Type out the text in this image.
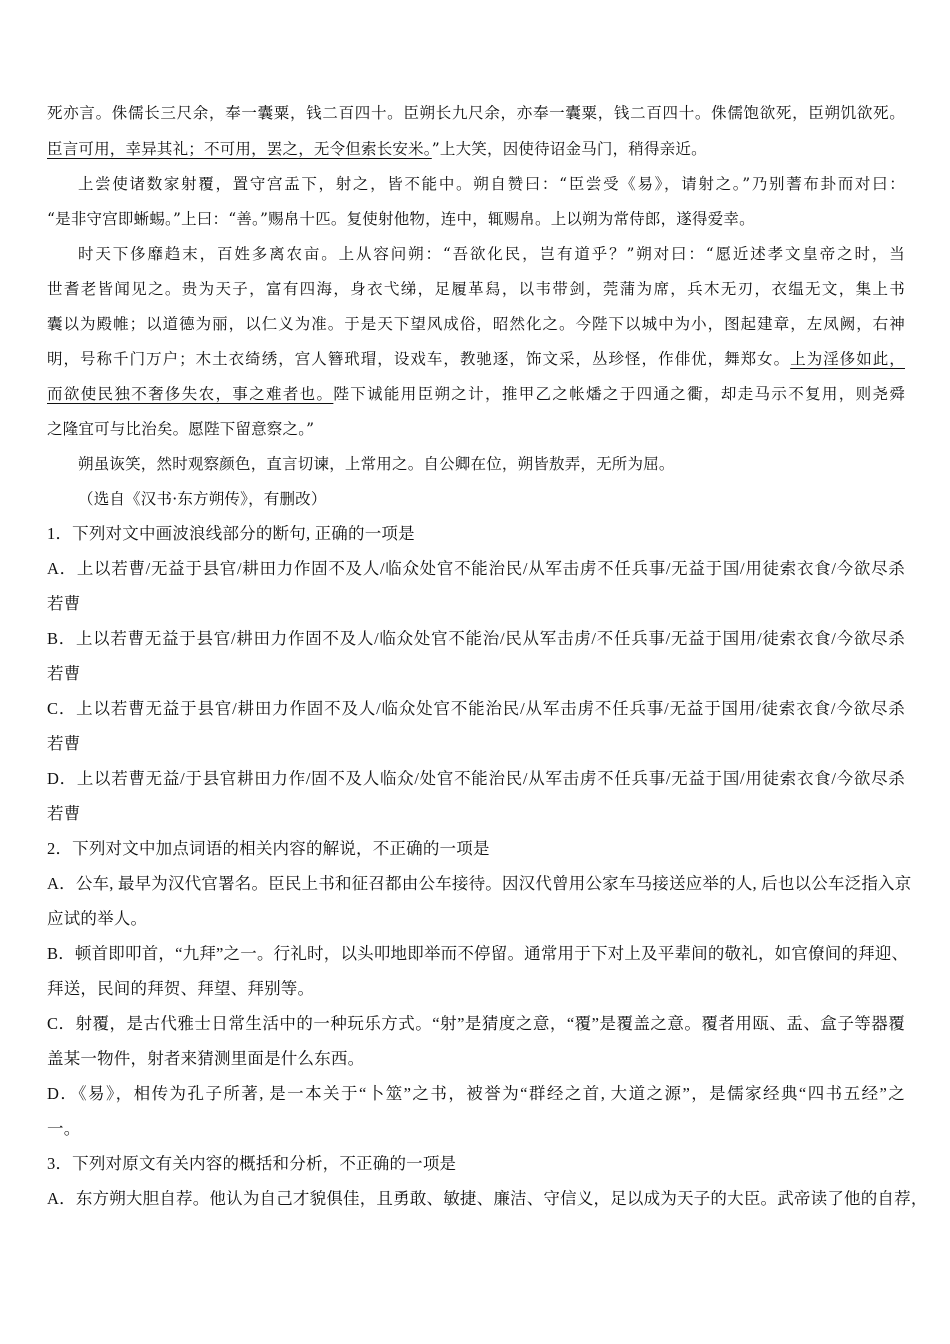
死亦言。侏儒长三尺余，奉一囊粟，钱二百四十。臣朔长九尺余，亦奉一囊粟，钱二百四十。侏儒饱欲死，臣朔饥欲死。
臣言可用，幸异其礼；不可用，罢之，无令但索长安米。”上大笑，因使待诏金马门，稍得亲近。
上尝使诸数家射覆，置守宫盂下，射之，皆不能中。朔自赞曰：“臣尝受《易》，请射之。”乃别蓍布卦而对曰：
“是非守宫即蜥蜴。”上曰：“善。”赐帛十匹。复使射他物，连中，辄赐帛。上以朔为常侍郎，遂得爱幸。
时天下侈靡趋末，百姓多离农亩。上从容问朔：“吾欲化民，岂有道乎？”朔对曰：“愿近述孝文皇帝之时，当
世耆老皆闻见之。贵为天子，富有四海，身衣弋绨，足履革舄，以韦带剑，莞蒲为席，兵木无刃，衣缊无文，集上书
囊以为殿帷；以道德为丽，以仁义为准。于是天下望风成俗，昭然化之。今陛下以城中为小，图起建章，左凤阙，右神
明，号称千门万户；木土衣绮绣，宫人簪玳瑁，设戏车，教驰逐，饰文采，丛珍怪，作俳优，舞郑女。上为淫侈如此，
而欲使民独不奢侈失农，事之难者也。陛下诚能用臣朔之计，推甲乙之帐燔之于四通之衢，却走马示不复用，则尧舜
之隆宜可与比治矣。愿陛下留意察之。”
朔虽诙笑，然时观察颜色，直言切谏，上常用之。自公卿在位，朔皆敖弄，无所为屈。
（选自《汉书·东方朔传》，有删改）
1．下列对文中画波浪线部分的断句, 正确的一项是
A．上以若曹/无益于县官/耕田力作固不及人/临众处官不能治民/从军击虏不任兵事/无益于国/用徒索衣食/今欲尽杀
若曹
B．上以若曹无益于县官/耕田力作固不及人/临众处官不能治/民从军击虏/不任兵事/无益于国用/徒索衣食/今欲尽杀
若曹
C．上以若曹无益于县官/耕田力作固不及人/临众处官不能治民/从军击虏不任兵事/无益于国用/徒索衣食/今欲尽杀
若曹
D．上以若曹无益/于县官耕田力作/固不及人临众/处官不能治民/从军击虏不任兵事/无益于国/用徒索衣食/今欲尽杀
若曹
2．下列对文中加点词语的相关内容的解说，不正确的一项是
A．公车, 最早为汉代官署名。臣民上书和征召都由公车接待。因汉代曾用公家车马接送应举的人, 后也以公车泛指入京
应试的举人。
B．顿首即叩首，“九拜”之一。行礼时，以头叩地即举而不停留。通常用于下对上及平辈间的敬礼，如官僚间的拜迎、
拜送，民间的拜贺、拜望、拜别等。
C．射覆，是古代雅士日常生活中的一种玩乐方式。“射”是猜度之意，“覆”是覆盖之意。覆者用瓯、盂、盒子等器覆
盖某一物件，射者来猜测里面是什么东西。
D．《易》，相传为孔子所著, 是一本关于“卜筮”之书，被誉为“群经之首, 大道之源”，是儒家经典“四书五经”之
一。
3．下列对原文有关内容的概括和分析，不正确的一项是
A．东方朔大胆自荐。他认为自己才貌俱佳，且勇敢、敏捷、廉洁、守信义，足以成为天子的大臣。武帝读了他的自荐，
